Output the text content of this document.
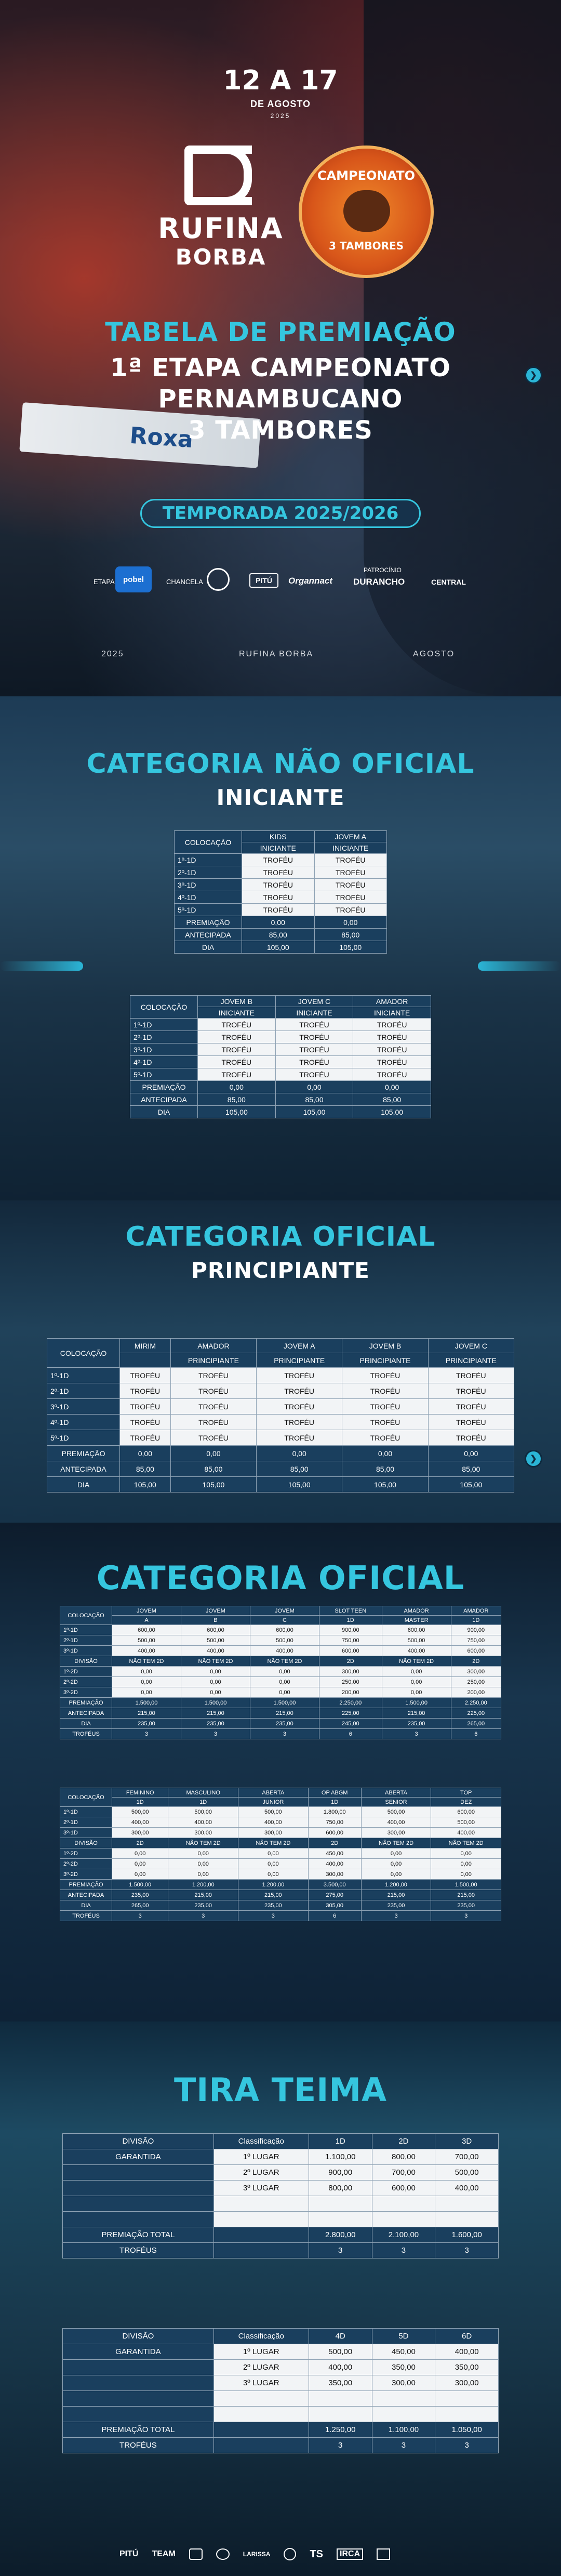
Roxa
12 A 17
DE AGOSTO
2025
RUFINA
BORBA
CAMPEONATO
3 TAMBORES
TABELA DE PREMIAÇÃO
1ª ETAPA CAMPEONATO
PERNAMBUCANO
3 TAMBORES
TEMPORADA 2025/2026
ETAPA pobel	CHANCELA	PITÚ Organnact
PATROCÍNIO
DURANCHO	CENTRAL
2025	RUFINA BORBA	AGOSTO
❯
CATEGORIA NÃO OFICIAL
INICIANTE
COLOCAÇÃO	KIDS	JOVEM A
	INICIANTE	INICIANTE
1º-1D	TROFÉU	TROFÉU
2º-1D	TROFÉU	TROFÉU
3º-1D	TROFÉU	TROFÉU
4º-1D	TROFÉU	TROFÉU
5º-1D	TROFÉU	TROFÉU
PREMIAÇÃO	0,00	0,00
ANTECIPADA	85,00	85,00
DIA	105,00	105,00
COLOCAÇÃO	JOVEM B	JOVEM C	AMADOR
	INICIANTE	INICIANTE	INICIANTE
1º-1D	TROFÉU	TROFÉU	TROFÉU
2º-1D	TROFÉU	TROFÉU	TROFÉU
3º-1D	TROFÉU	TROFÉU	TROFÉU
4º-1D	TROFÉU	TROFÉU	TROFÉU
5º-1D	TROFÉU	TROFÉU	TROFÉU
PREMIAÇÃO	0,00	0,00	0,00
ANTECIPADA	85,00	85,00	85,00
DIA	105,00	105,00	105,00
CATEGORIA OFICIAL
PRINCIPIANTE
COLOCAÇÃO	MIRIM	AMADOR	JOVEM A	JOVEM B	JOVEM C
		PRINCIPIANTE	PRINCIPIANTE	PRINCIPIANTE	PRINCIPIANTE
1º-1D	TROFÉU	TROFÉU	TROFÉU	TROFÉU	TROFÉU
2º-1D	TROFÉU	TROFÉU	TROFÉU	TROFÉU	TROFÉU
3º-1D	TROFÉU	TROFÉU	TROFÉU	TROFÉU	TROFÉU
4º-1D	TROFÉU	TROFÉU	TROFÉU	TROFÉU	TROFÉU
5º-1D	TROFÉU	TROFÉU	TROFÉU	TROFÉU	TROFÉU
PREMIAÇÃO	0,00	0,00	0,00	0,00	0,00
ANTECIPADA	85,00	85,00	85,00	85,00	85,00
DIA	105,00	105,00	105,00	105,00	105,00
❯
CATEGORIA OFICIAL
COLOCAÇÃO	JOVEM	JOVEM	JOVEM	SLOT TEEN	AMADOR	AMADOR
	A	B	C	1D	MASTER	1D
1º-1D	600,00	600,00	600,00	900,00	600,00	900,00
2º-1D	500,00	500,00	500,00	750,00	500,00	750,00
3º-1D	400,00	400,00	400,00	600,00	400,00	600,00
DIVISÃO	NÃO TEM 2D	NÃO TEM 2D	NÃO TEM 2D	2D	NÃO TEM 2D	2D
1º-2D	0,00	0,00	0,00	300,00	0,00	300,00
2º-2D	0,00	0,00	0,00	250,00	0,00	250,00
3º-2D	0,00	0,00	0,00	200,00	0,00	200,00
PREMIAÇÃO	1.500,00	1.500,00	1.500,00	2.250,00	1.500,00	2.250,00
ANTECIPADA	215,00	215,00	215,00	225,00	215,00	225,00
DIA	235,00	235,00	235,00	245,00	235,00	265,00
TROFÉUS	3	3	3	6	3	6
COLOCAÇÃO	FEMININO	MASCULINO	ABERTA	OP ABGM	ABERTA	TOP
	1D	1D	JUNIOR	1D	SENIOR	DEZ
1º-1D	500,00	500,00	500,00	1.800,00	500,00	600,00
2º-1D	400,00	400,00	400,00	750,00	400,00	500,00
3º-1D	300,00	300,00	300,00	600,00	300,00	400,00
DIVISÃO	2D	NÃO TEM 2D	NÃO TEM 2D	2D	NÃO TEM 2D	NÃO TEM 2D
1º-2D	0,00	0,00	0,00	450,00	0,00	0,00
2º-2D	0,00	0,00	0,00	400,00	0,00	0,00
3º-2D	0,00	0,00	0,00	300,00	0,00	0,00
PREMIAÇÃO	1.500,00	1.200,00	1.200,00	3.500,00	1.200,00	1.500,00
ANTECIPADA	235,00	215,00	215,00	275,00	215,00	215,00
DIA	265,00	235,00	235,00	305,00	235,00	235,00
TROFÉUS	3	3	3	6	3	3
TIRA TEIMA
DIVISÃO	Classificação	1D	2D	3D
GARANTIDA	1º LUGAR	1.100,00	800,00	700,00
	2º LUGAR	900,00	700,00	500,00
	3º LUGAR	800,00	600,00	400,00

PREMIAÇÃO TOTAL		2.800,00	2.100,00	1.600,00
TROFÉUS		3	3	3
DIVISÃO	Classificação	4D	5D	6D
GARANTIDA	1º LUGAR	500,00	450,00	400,00
	2º LUGAR	400,00	350,00	350,00
	3º LUGAR	350,00	300,00	300,00

PREMIAÇÃO TOTAL		1.250,00	1.100,00	1.050,00
TROFÉUS		3	3	3
PITÚ TEAM	LARISSA	TS	IRCA
